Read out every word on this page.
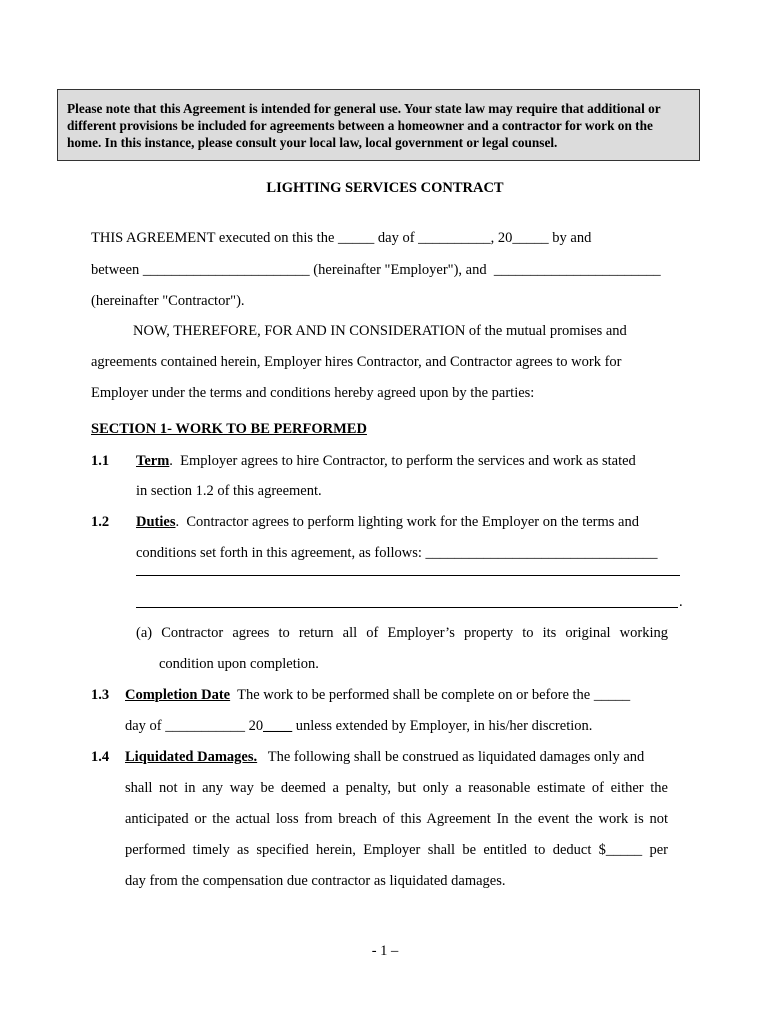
Please note that this Agreement is intended for general use. Your state law may require that additional or different provisions be included for agreements between a homeowner and a contractor for work on the home. In this instance, please consult your local law, local government or legal counsel.
LIGHTING SERVICES CONTRACT
THIS AGREEMENT executed on this the _____ day of __________, 20_____ by and
between _______________________ (hereinafter "Employer"), and  _______________________
(hereinafter "Contractor").
NOW, THEREFORE, FOR AND IN CONSIDERATION of the mutual promises and
agreements contained herein, Employer hires Contractor, and Contractor agrees to work for
Employer under the terms and conditions hereby agreed upon by the parties:
SECTION 1- WORK TO BE PERFORMED
1.1 Term.  Employer agrees to hire Contractor, to perform the services and work as stated
in section 1.2 of this agreement.
1.2 Duties.  Contractor agrees to perform lighting work for the Employer on the terms and
conditions set forth in this agreement, as follows: ________________________________
.
(a) Contractor agrees to return all of Employer’s property to its original working
condition upon completion.
1.3 Completion Date  The work to be performed shall be complete on or before the _____
day of ___________ 20____ unless extended by Employer, in his/her discretion.
1.4 Liquidated Damages.   The following shall be construed as liquidated damages only and
shall not in any way be deemed a penalty, but only a reasonable estimate of either the
anticipated or the actual loss from breach of this Agreement In the event the work is not
performed timely as specified herein, Employer shall be entitled to deduct $_____ per
day from the compensation due contractor as liquidated damages.
- 1 –
